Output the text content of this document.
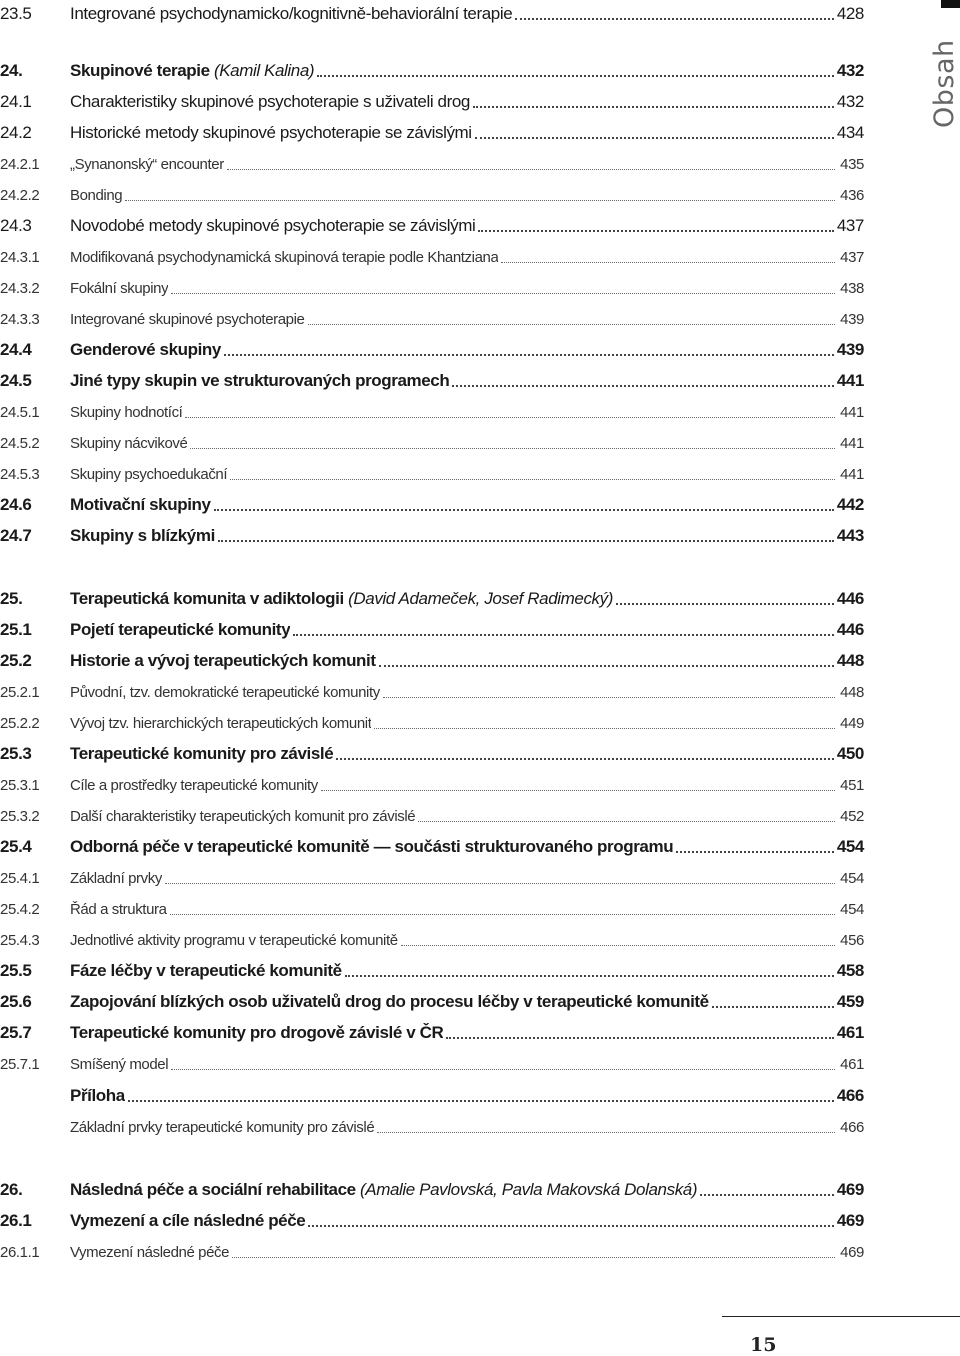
23.5	Integrované psychodynamicko/kognitivně-behaviorální terapie	428
24.	Skupinové terapie (Kamil Kalina)	432
24.1	Charakteristiky skupinové psychoterapie s uživateli drog	432
24.2	Historické metody skupinové psychoterapie se závislými	434
24.2.1	„Synanonský“ encounter	435
24.2.2	Bonding	436
24.3	Novodobé metody skupinové psychoterapie se závislými	437
24.3.1	Modifikovaná psychodynamická skupinová terapie podle Khantziana	437
24.3.2	Fokální skupiny	438
24.3.3	Integrované skupinové psychoterapie	439
24.4	Genderové skupiny	439
24.5	Jiné typy skupin ve strukturovaných programech	441
24.5.1	Skupiny hodnotící	441
24.5.2	Skupiny nácvikové	441
24.5.3	Skupiny psychoedukační	441
24.6	Motivační skupiny	442
24.7	Skupiny s blízkými	443
25.	Terapeutická komunita v adiktologii (David Adameček, Josef Radimecký)	446
25.1	Pojetí terapeutické komunity	446
25.2	Historie a vývoj terapeutických komunit	448
25.2.1	Původní, tzv. demokratické terapeutické komunity	448
25.2.2	Vývoj tzv. hierarchických terapeutických komunit	449
25.3	Terapeutické komunity pro závislé	450
25.3.1	Cíle a prostředky terapeutické komunity	451
25.3.2	Další charakteristiky terapeutických komunit pro závislé	452
25.4	Odborná péče v terapeutické komunitě — součásti strukturovaného programu	454
25.4.1	Základní prvky	454
25.4.2	Řád a struktura	454
25.4.3	Jednotlivé aktivity programu v terapeutické komunitě	456
25.5	Fáze léčby v terapeutické komunitě	458
25.6	Zapojování blízkých osob uživatelů drog do procesu léčby v terapeutické komunitě	459
25.7	Terapeutické komunity pro drogově závislé v ČR	461
25.7.1	Smíšený model	461
Příloha	466
Základní prvky terapeutické komunity pro závislé	466
26.	Následná péče a sociální rehabilitace (Amalie Pavlovská, Pavla Makovská Dolanská)	469
26.1	Vymezení a cíle následné péče	469
26.1.1	Vymezení následné péče	469
Obsah
15
